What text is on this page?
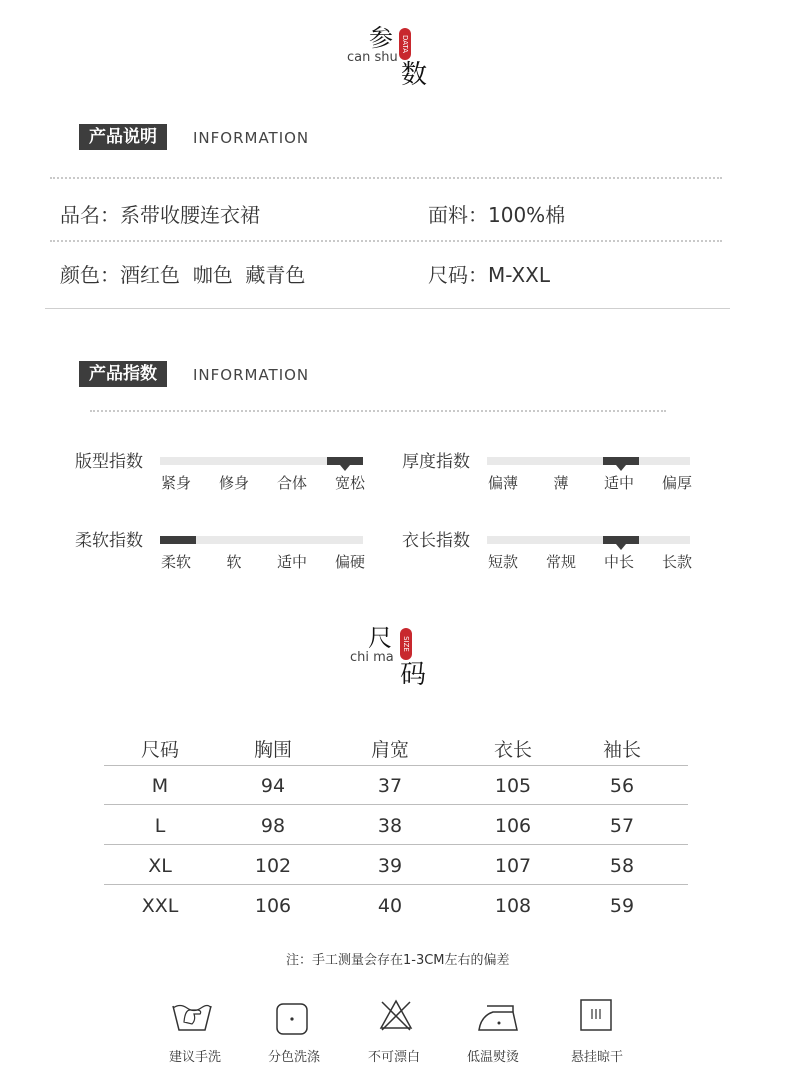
参
can shu
DATA
数
产品说明	INFORMATION
品名：系带收腰连衣裙	面料：100%棉
颜色：酒红色  咖色  藏青色	尺码：M-XXL
产品指数	INFORMATION
版型指数
紧身	修身	合体	宽松
厚度指数
偏薄	薄	适中	偏厚
柔软指数
柔软	软	适中	偏硬
衣长指数
短款	常规	中长	长款
尺
chi ma
SIZE
码
尺码	胸围	肩宽	衣长	袖长
M	94	37	105	56
L	98	38	106	57
XL	102	39	107	58
XXL	106	40	108	59
注：手工测量会存在1-3CM左右的偏差
建议手洗	分色洗涤	不可漂白	低温熨烫	悬挂晾干
